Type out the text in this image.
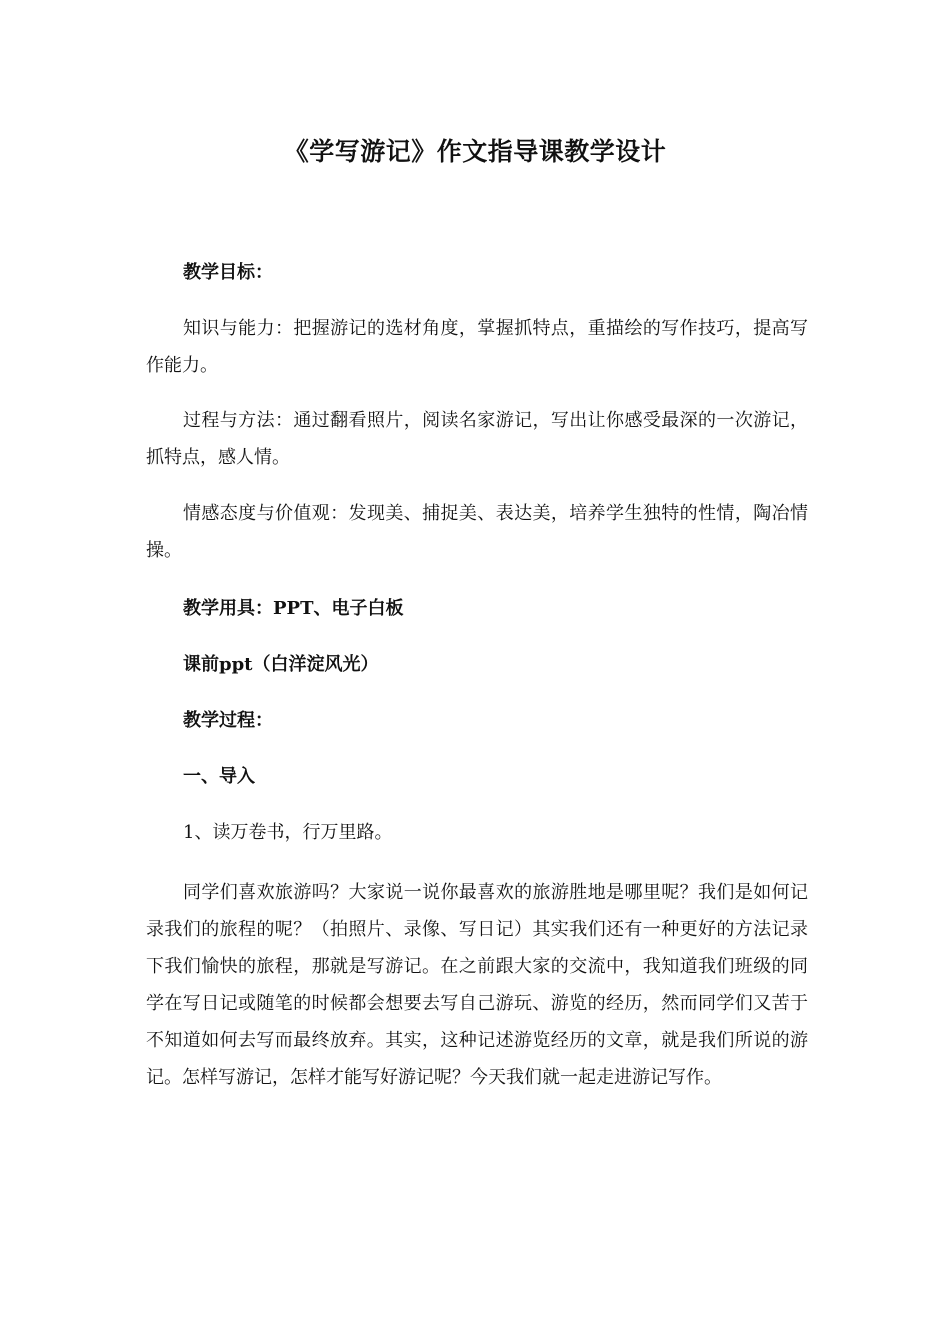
《学写游记》作文指导课教学设计

教学目标：

知识与能力：把握游记的选材角度，掌握抓特点，重描绘的写作技巧，提高写作能力。

过程与方法：通过翻看照片，阅读名家游记，写出让你感受最深的一次游记，抓特点，感人情。

情感态度与价值观：发现美、捕捉美、表达美，培养学生独特的性情，陶冶情操。

教学用具：PPT、电子白板

课前ppt（白洋淀风光）

教学过程：

一、导入

1、读万卷书，行万里路。

同学们喜欢旅游吗？大家说一说你最喜欢的旅游胜地是哪里呢？我们是如何记录我们的旅程的呢？（拍照片、录像、写日记）其实我们还有一种更好的方法记录下我们愉快的旅程，那就是写游记。在之前跟大家的交流中，我知道我们班级的同学在写日记或随笔的时候都会想要去写自己游玩、游览的经历，然而同学们又苦于不知道如何去写而最终放弃。其实，这种记述游览经历的文章，就是我们所说的游记。怎样写游记，怎样才能写好游记呢？今天我们就一起走进游记写作。
